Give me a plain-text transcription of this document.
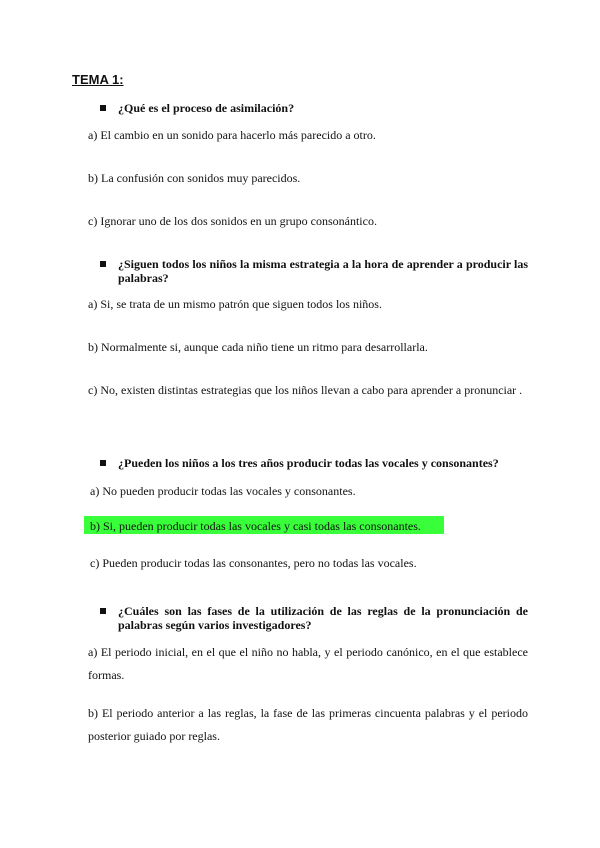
TEMA 1:
¿Qué es el proceso de asimilación?
a) El cambio en un sonido para hacerlo más parecido a otro.
b) La confusión con sonidos muy parecidos.
c) Ignorar uno de los dos sonidos en un grupo consonántico.
¿Siguen todos los niños la misma estrategia a la hora de aprender a producir las palabras?
a) Si, se trata de un mismo patrón que siguen todos los niños.
b) Normalmente si, aunque cada niño tiene un ritmo para desarrollarla.
c) No, existen distintas estrategias que los niños llevan a cabo para aprender a pronunciar .
¿Pueden los niños a los tres años producir todas las vocales y consonantes?
a) No pueden producir todas las vocales y consonantes.
b) Si, pueden producir todas las vocales y casi todas las consonantes.
c) Pueden producir todas las consonantes, pero no todas las vocales.
¿Cuáles son las fases de la utilización de las reglas de la pronunciación de palabras según varios investigadores?
a) El periodo inicial, en el que el niño no habla, y el periodo canónico, en el que establece formas.
b) El periodo anterior a las reglas, la fase de las primeras cincuenta palabras y el periodo posterior guiado por reglas.
